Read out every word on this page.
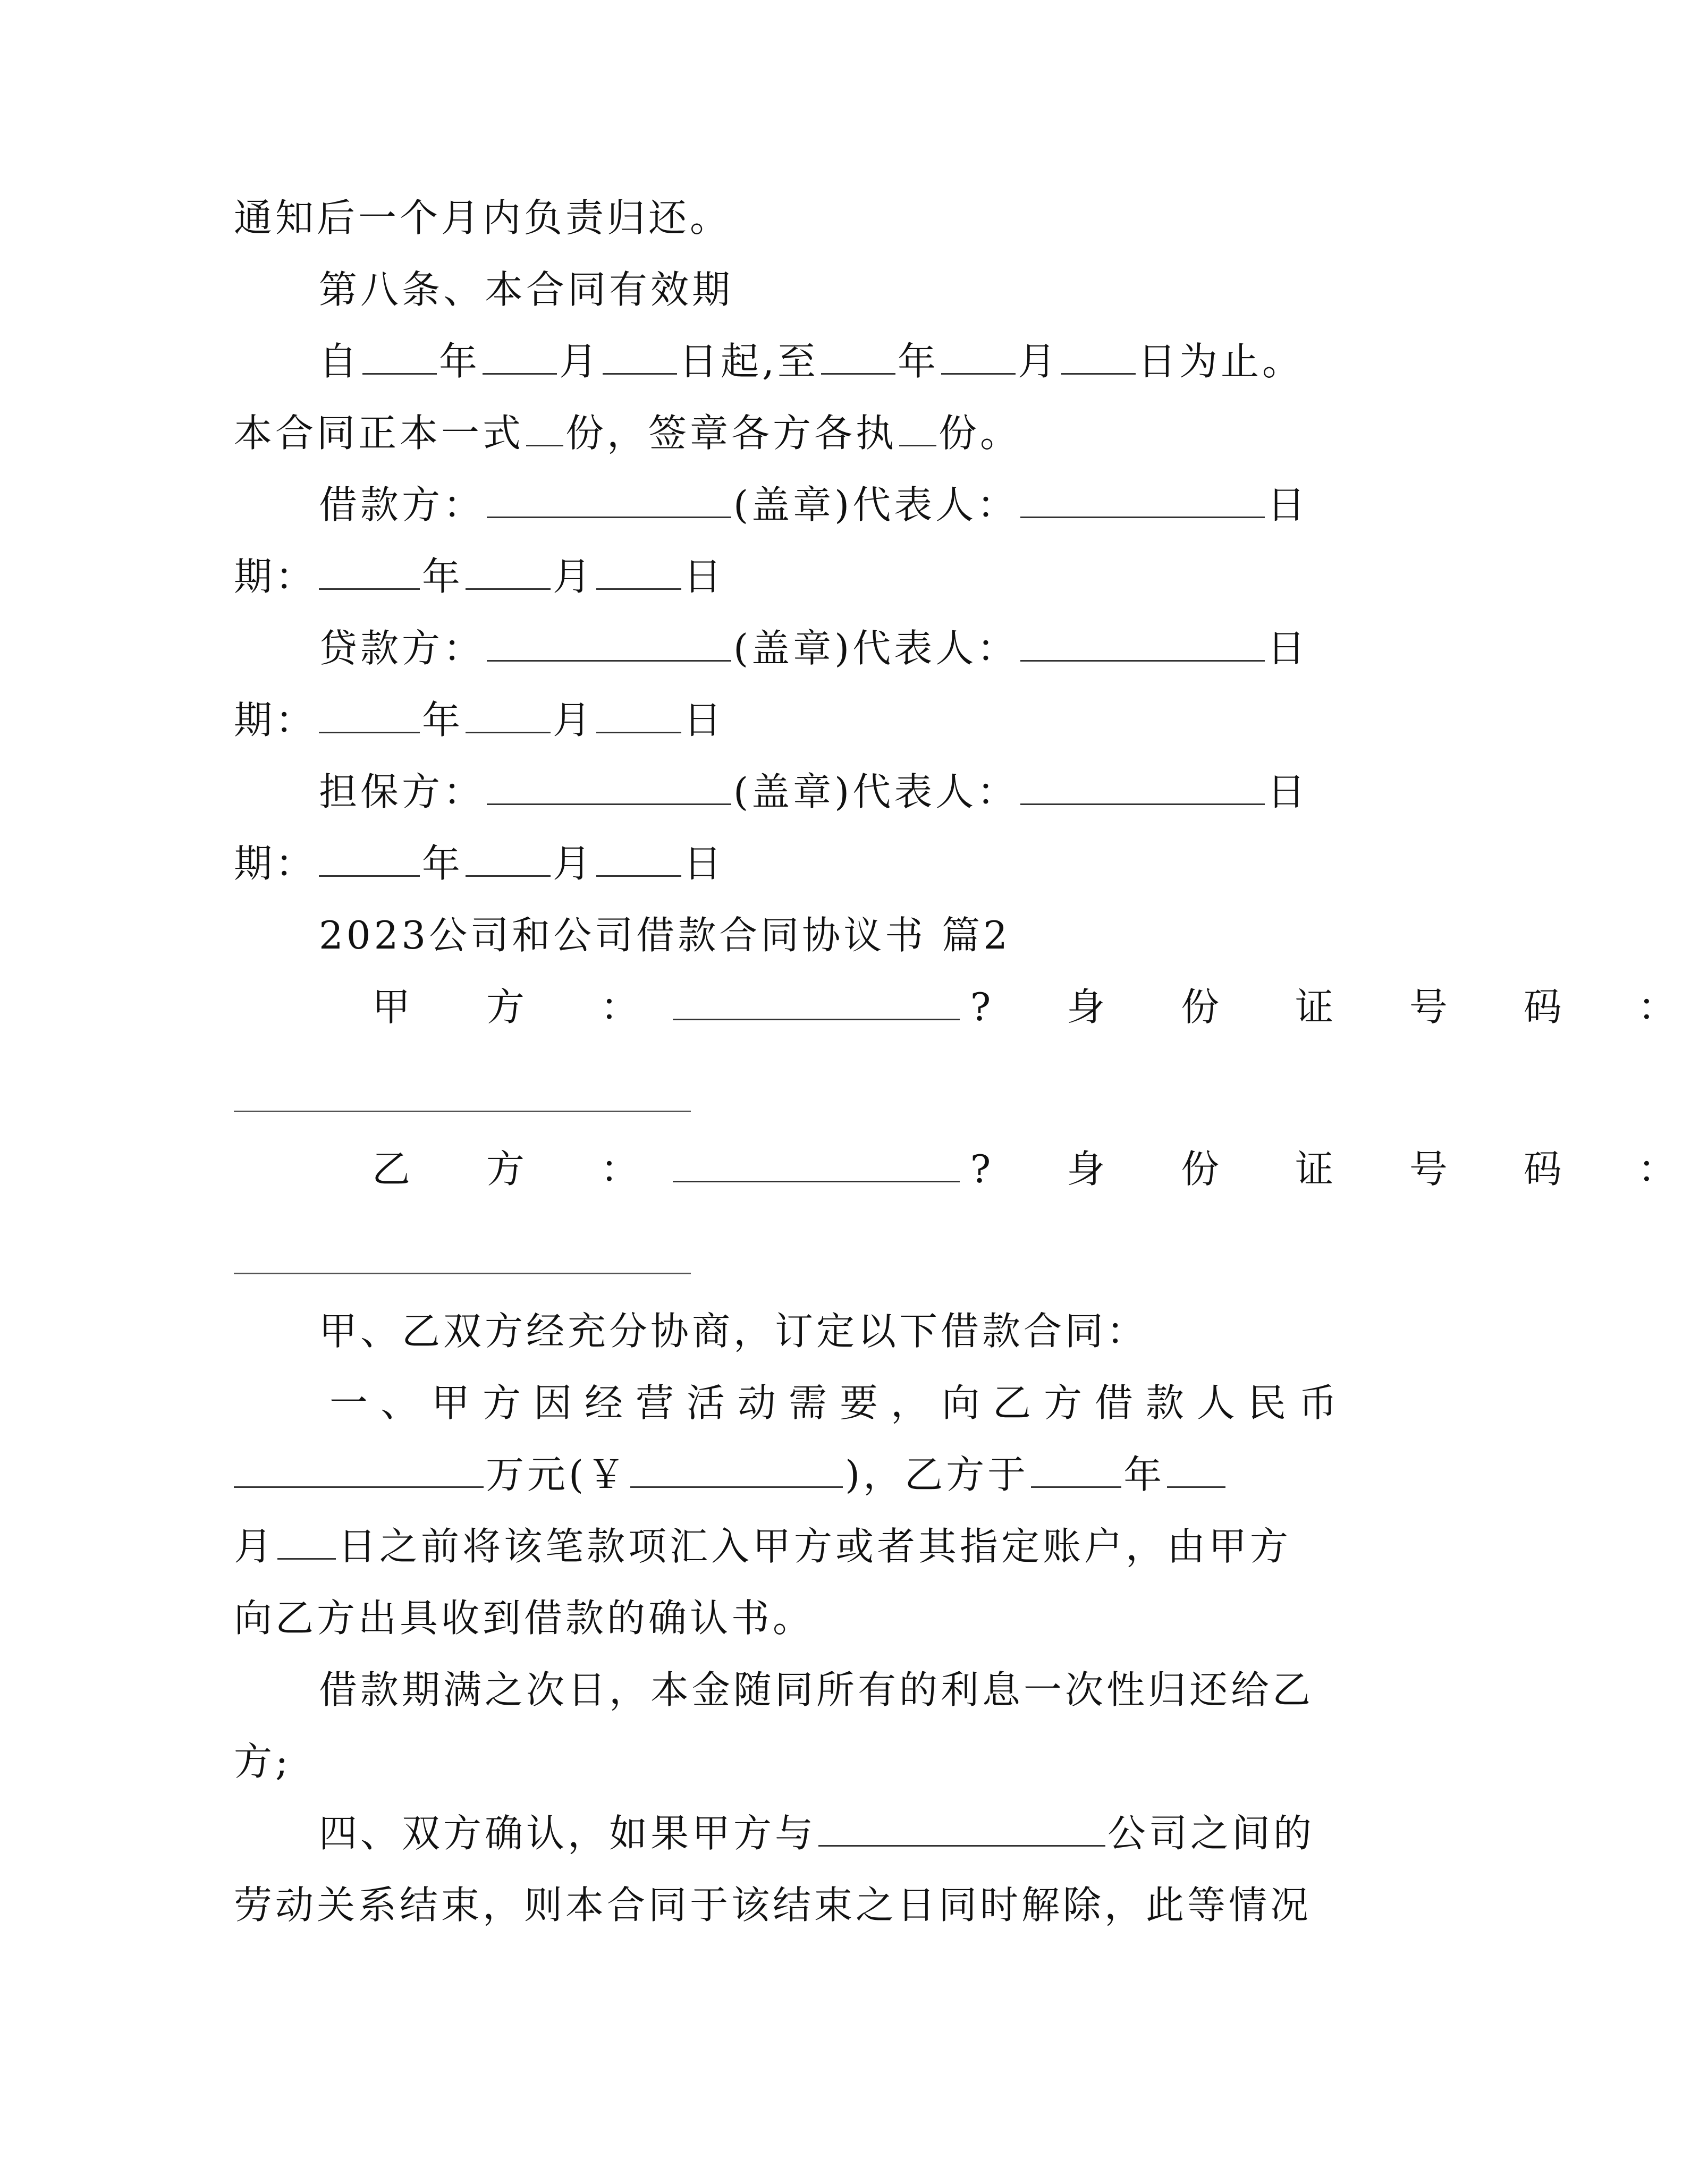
通知后一个月内负责归还。
第八条、本合同有效期
自 年 月 日起,至 年 月 日为止。
本合同正本一式 份，签章各方各执 份。
借款方：	(盖章)代表人：	日
期：	年 月 日
贷款方：	(盖章)代表人：	日
期：	年 月 日
担保方：	(盖章)代表人：	日
期：	年 月 日
2023公司和公司借款合同协议书 篇2
甲 方 ：	? 身 份 证 号 码 ：
乙 方 ：	? 身 份 证 号 码 ：
甲、乙双方经充分协商，订定以下借款合同：
一、甲方因经营活动需要，向乙方借款人民币
万元(￥	)，乙方于 年
月 日之前将该笔款项汇入甲方或者其指定账户，由甲方
向乙方出具收到借款的确认书。
借款期满之次日，本金随同所有的利息一次性归还给乙
方;
四、双方确认，如果甲方与	公司之间的
劳动关系结束，则本合同于该结束之日同时解除，此等情况
